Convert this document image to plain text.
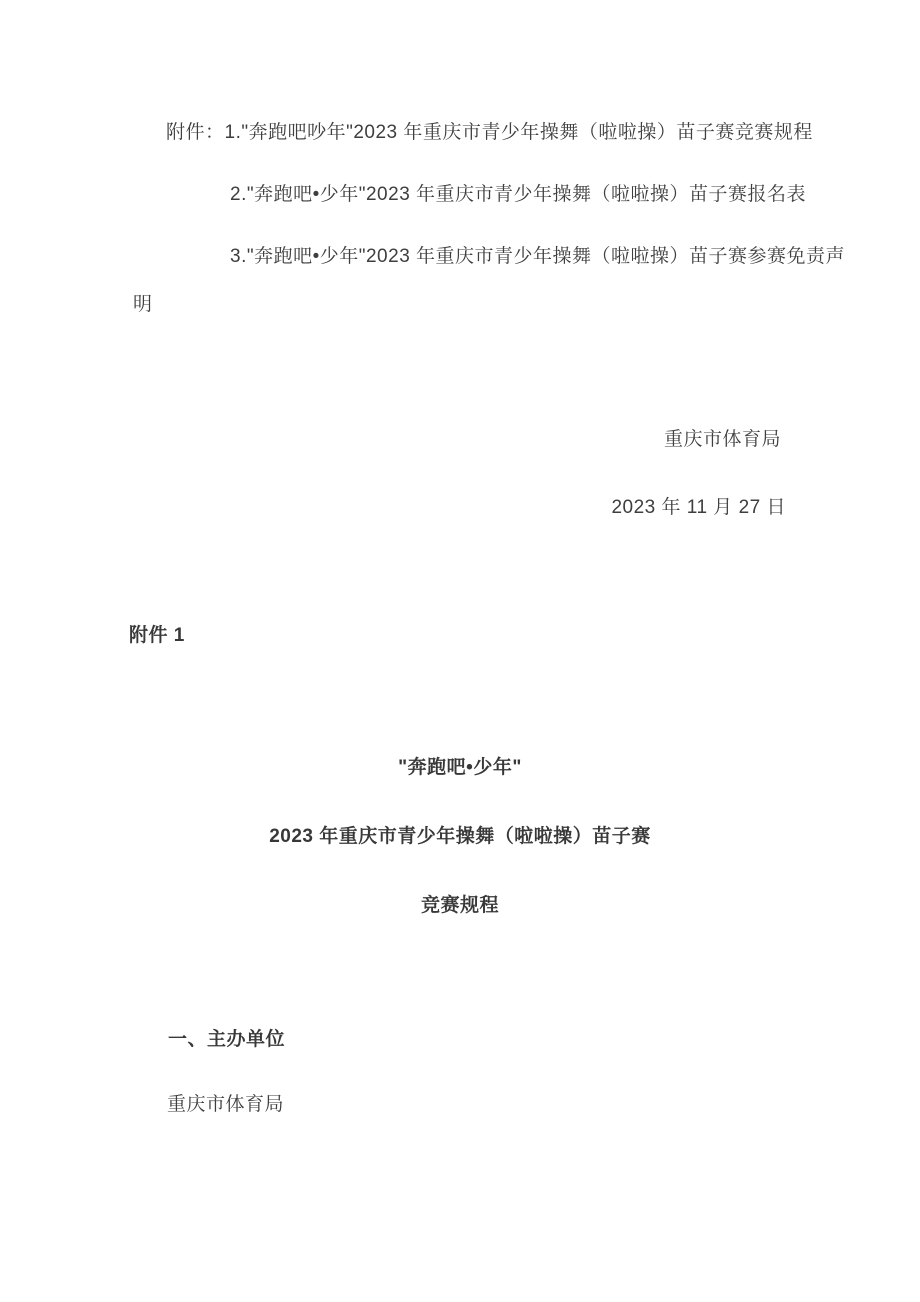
附件：1."奔跑吧吵年"2023 年重庆市青少年操舞（啦啦操）苗子赛竞赛规程

2."奔跑吧•少年"2023 年重庆市青少年操舞（啦啦操）苗子赛报名表

3."奔跑吧•少年"2023 年重庆市青少年操舞（啦啦操）苗子赛参赛免责声

明

重庆市体育局

2023 年 11 月 27 日

附件 1

"奔跑吧•少年"

2023 年重庆市青少年操舞（啦啦操）苗子赛

竞赛规程

一、主办单位

重庆市体育局
